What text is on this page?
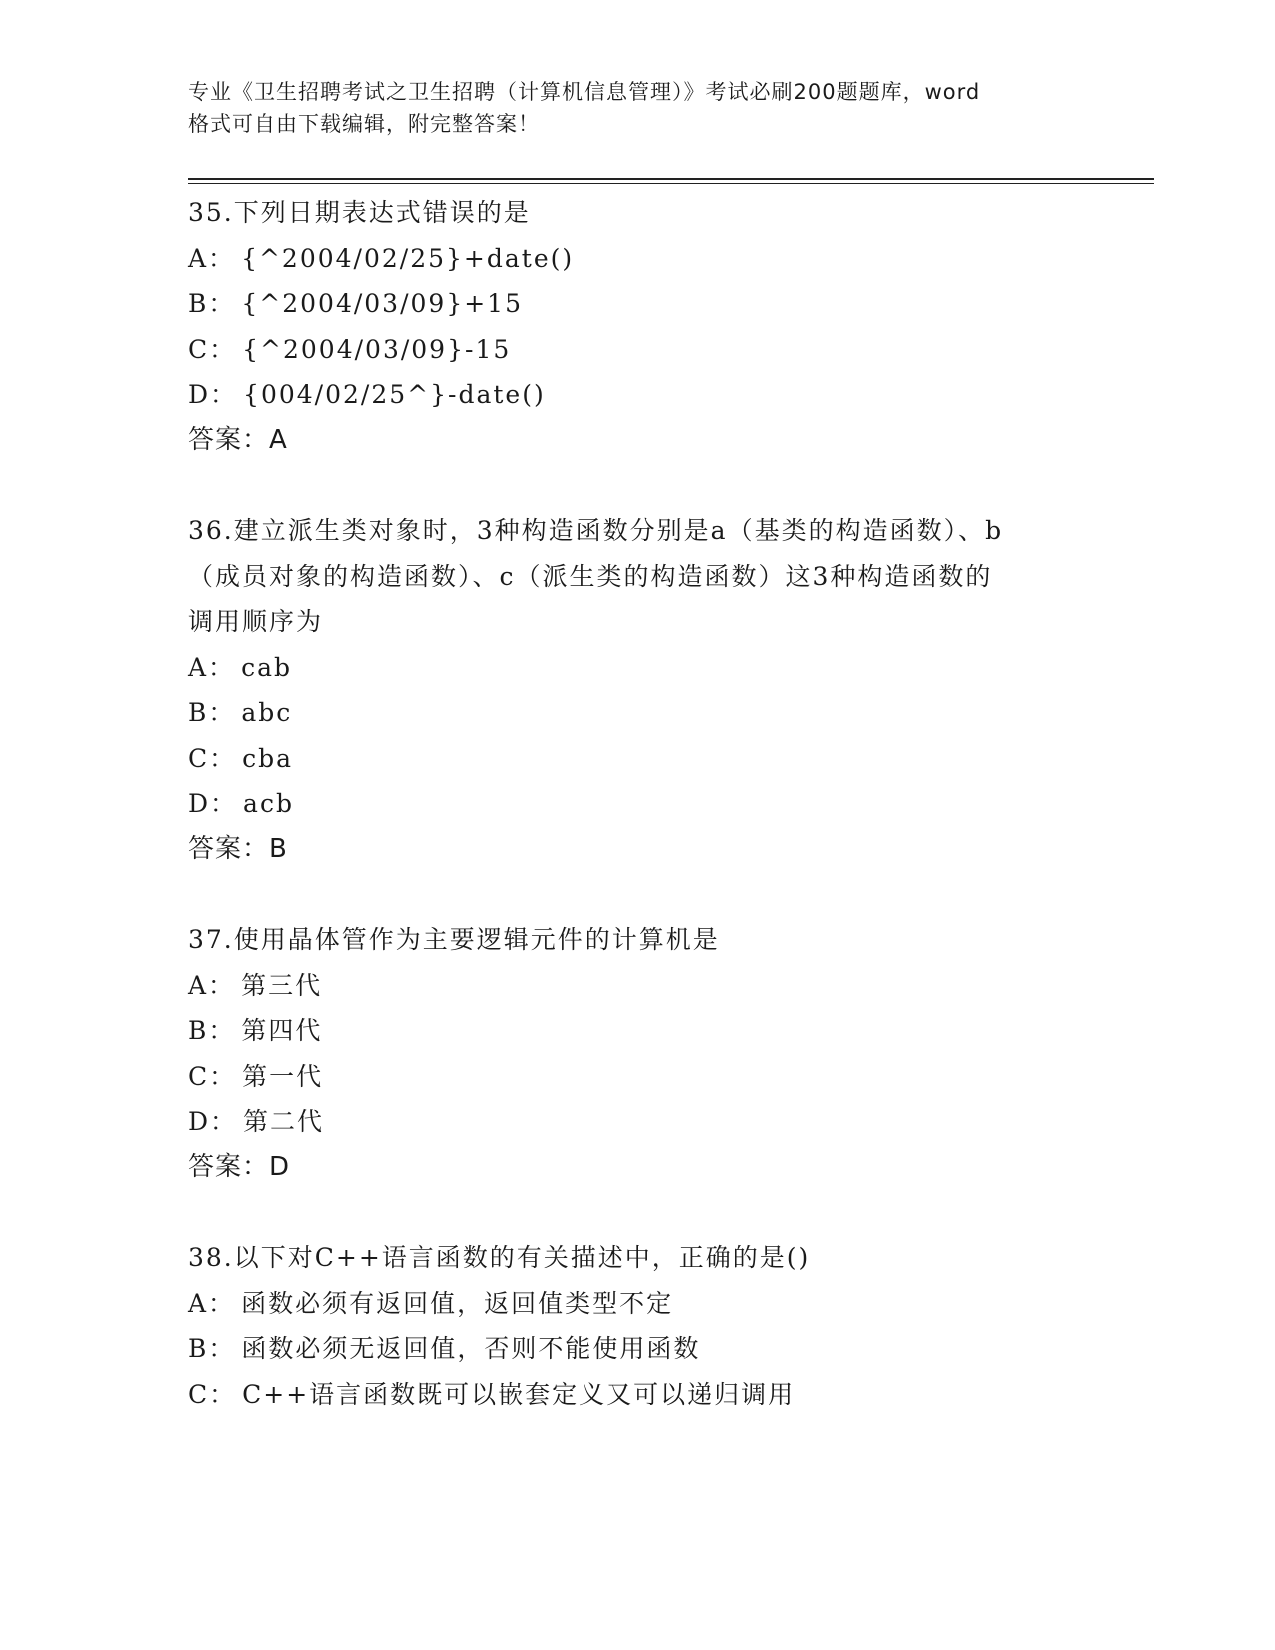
专业《卫生招聘考试之卫生招聘（计算机信息管理）》考试必刷200题题库，word
格式可自由下载编辑，附完整答案！
35.下列日期表达式错误的是
A： {^2004/02/25}+date()
B： {^2004/03/09}+15
C： {^2004/03/09}-15
D： {004/02/25^}-date()
答案：A
36.建立派生类对象时，3种构造函数分别是a（基类的构造函数）、b
（成员对象的构造函数）、c（派生类的构造函数）这3种构造函数的
调用顺序为
A： cab
B： abc
C： cba
D： acb
答案：B
37.使用晶体管作为主要逻辑元件的计算机是
A： 第三代
B： 第四代
C： 第一代
D： 第二代
答案：D
38.以下对C++语言函数的有关描述中，正确的是()
A： 函数必须有返回值，返回值类型不定
B： 函数必须无返回值，否则不能使用函数
C： C++语言函数既可以嵌套定义又可以递归调用
